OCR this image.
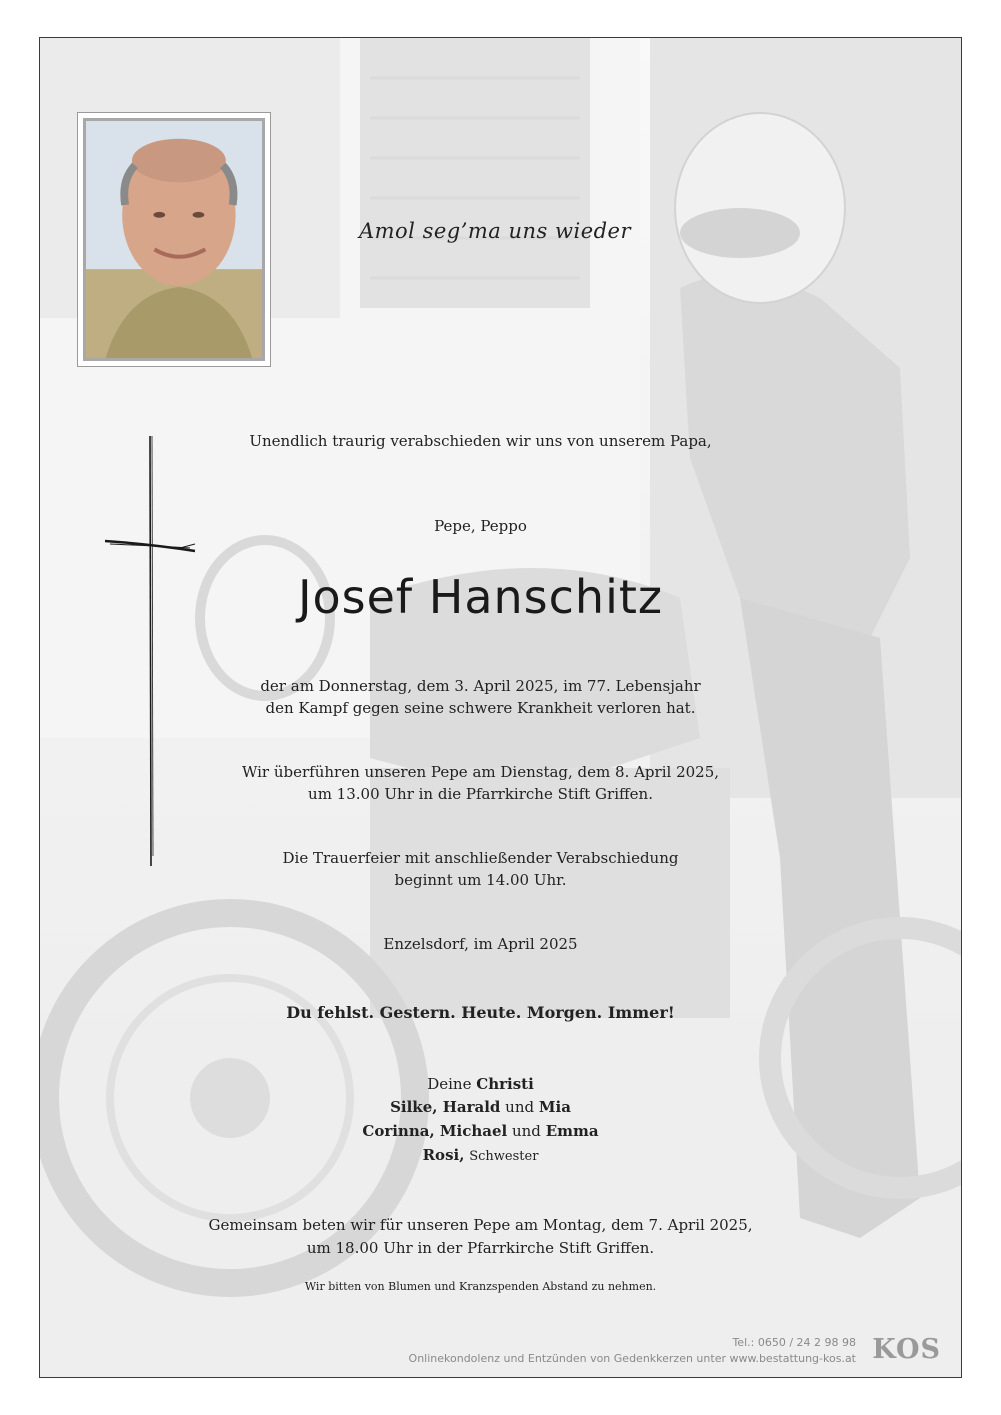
Amol seg’ma uns wieder
Unendlich traurig verabschieden wir uns von unserem Papa,
Pepe, Peppo
Josef Hanschitz
der am Donnerstag, dem 3. April 2025, im 77. Lebensjahr
den Kampf gegen seine schwere Krankheit verloren hat.
Wir überführen unseren Pepe am Dienstag, dem 8. April 2025,
um 13.00 Uhr in die Pfarrkirche Stift Griffen.
Die Trauerfeier mit anschließender Verabschiedung
beginnt um 14.00 Uhr.
Enzelsdorf, im April 2025
Du fehlst. Gestern. Heute. Morgen. Immer!
Deine Christi
Silke, Harald und Mia
Corinna, Michael und Emma
Rosi, Schwester
Gemeinsam beten wir für unseren Pepe am Montag, dem 7. April 2025,
um 18.00 Uhr in der Pfarrkirche Stift Griffen.
Wir bitten von Blumen und Kranzspenden Abstand zu nehmen.
Tel.: 0650 / 24 2 98 98
Onlinekondolenz und Entzünden von Gedenkkerzen unter www.bestattung-kos.at KOS
